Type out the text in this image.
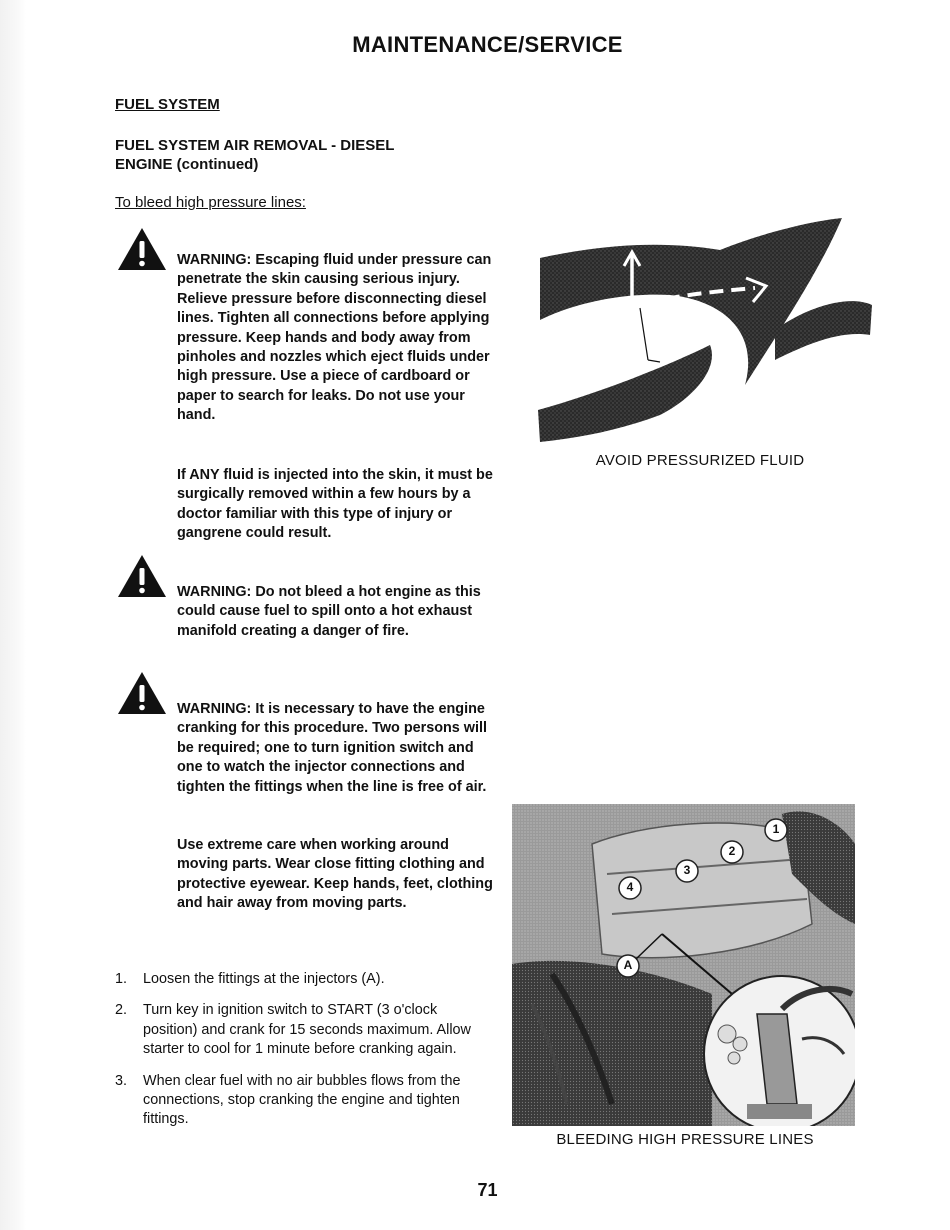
MAINTENANCE/SERVICE
FUEL SYSTEM
FUEL SYSTEM AIR REMOVAL - DIESEL ENGINE (continued)
To bleed high pressure lines:
WARNING: Escaping fluid under pressure can penetrate the skin causing serious injury. Relieve pressure before disconnecting diesel lines. Tighten all connections before applying pressure. Keep hands and body away from pinholes and nozzles which eject fluids under high pressure. Use a piece of cardboard or paper to search for leaks. Do not use your hand.
If ANY fluid is injected into the skin, it must be surgically removed within a few hours by a doctor familiar with this type of injury or gangrene could result.
WARNING: Do not bleed a hot engine as this could cause fuel to spill onto a hot exhaust manifold creating a danger of fire.
WARNING: It is necessary to have the engine cranking for this procedure. Two persons will be required; one to turn ignition switch and one to watch the injector connections and tighten the fittings when the line is free of air.
Use extreme care when working around moving parts. Wear close fitting clothing and protective eyewear. Keep hands, feet, clothing and hair away from moving parts.
1. Loosen the fittings at the injectors (A).
2. Turn key in ignition switch to START (3 o'clock position) and crank for 15 seconds maximum. Allow starter to cool for 1 minute before cranking again.
3. When clear fuel with no air bubbles flows from the connections, stop cranking the engine and tighten fittings.
AVOID PRESSURIZED FLUID
1
2
3
4
A
BLEEDING HIGH PRESSURE LINES
71
